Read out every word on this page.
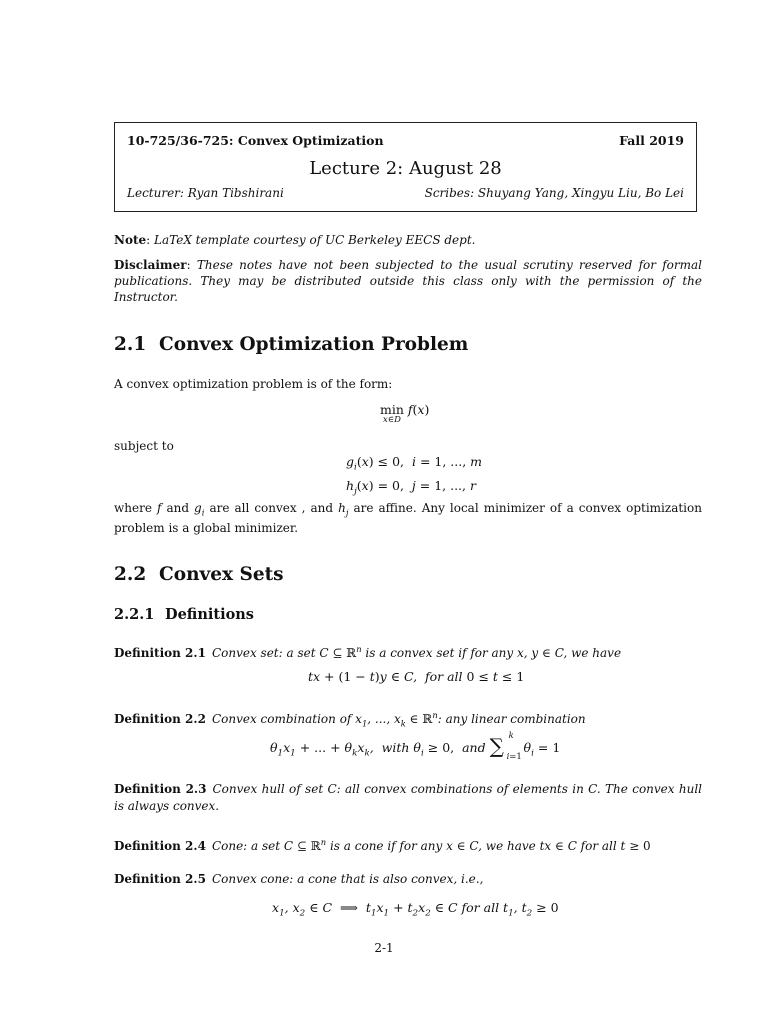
10-725/36-725: Convex Optimization	Fall 2019
Lecture 2: August 28
Lecturer: Ryan Tibshirani	Scribes: Shuyang Yang, Xingyu Liu, Bo Lei
Note: LaTeX template courtesy of UC Berkeley EECS dept.
Disclaimer: These notes have not been subjected to the usual scrutiny reserved for formal publications. They may be distributed outside this class only with the permission of the Instructor.
2.1 Convex Optimization Problem
A convex optimization problem is of the form:
min
x∈D
f(x)
subject to
$g_i(x) \le 0$,  i = 1, ..., m
$h_j(x) = 0$,  j = 1, ..., r
where f and $g_i$ are all convex , and $h_j$ are affine. Any local minimizer of a convex optimization problem is a global minimizer.
2.2 Convex Sets
2.2.1 Definitions
Definition 2.1 Convex set: a set C ⊆ ℝ$^n$ is a convex set if for any x, y ∈ C, we have
tx + (1 − t)y ∈ C,  for all 0 ≤ t ≤ 1
Definition 2.2 Convex combination of $x_1$, ..., $x_k$ ∈ ℝ$^n$: any linear combination
$\theta_1x_1$ + ... + $\theta_kx_k$,  with $\theta_i \ge 0$,  and ∑ k
i=1
$\theta_i = 1$
Definition 2.3 Convex hull of set C: all convex combinations of elements in C. The convex hull is always convex.
Definition 2.4 Cone: a set C ⊆ ℝ$^n$ is a cone if for any x ∈ C, we have tx ∈ C for all t ≥ 0
Definition 2.5 Convex cone: a cone that is also convex, i.e.,
$x_1$, $x_2$ ∈ C  ⟹  $t_1x_1 + t_2x_2$ ∈ C for all $t_1$, $t_2 \ge 0$
2-1
